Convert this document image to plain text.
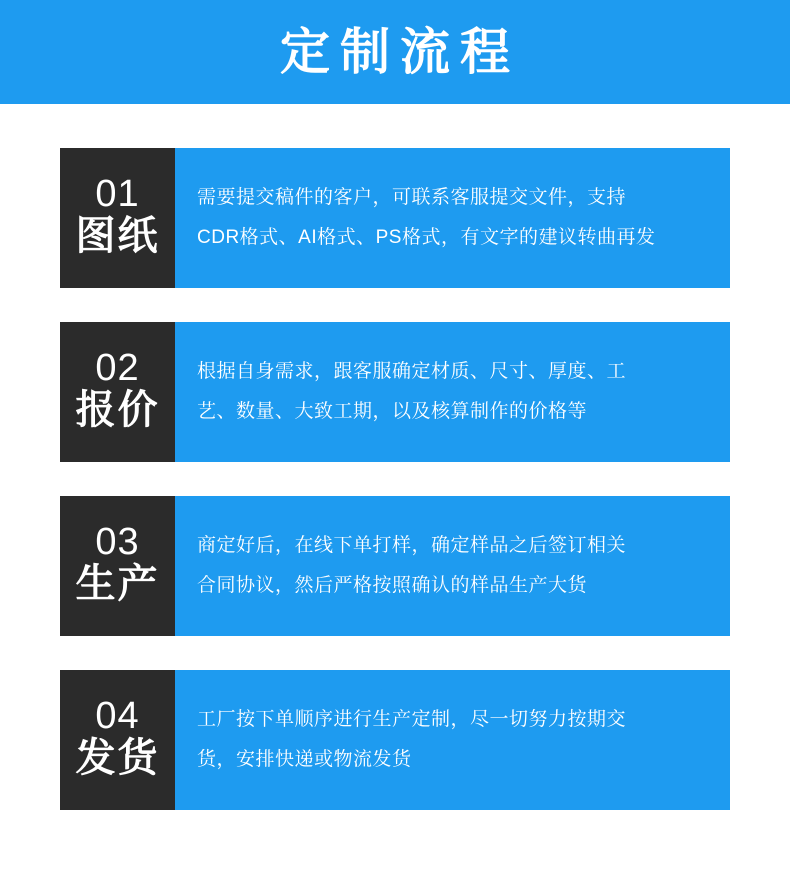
定制流程
01
图纸
需要提交稿件的客户，可联系客服提交文件，支持
CDR格式、AI格式、PS格式，有文字的建议转曲再发
02
报价
根据自身需求，跟客服确定材质、尺寸、厚度、工
艺、数量、大致工期，以及核算制作的价格等
03
生产
商定好后，在线下单打样，确定样品之后签订相关
合同协议，然后严格按照确认的样品生产大货
04
发货
工厂按下单顺序进行生产定制，尽一切努力按期交
货，安排快递或物流发货
